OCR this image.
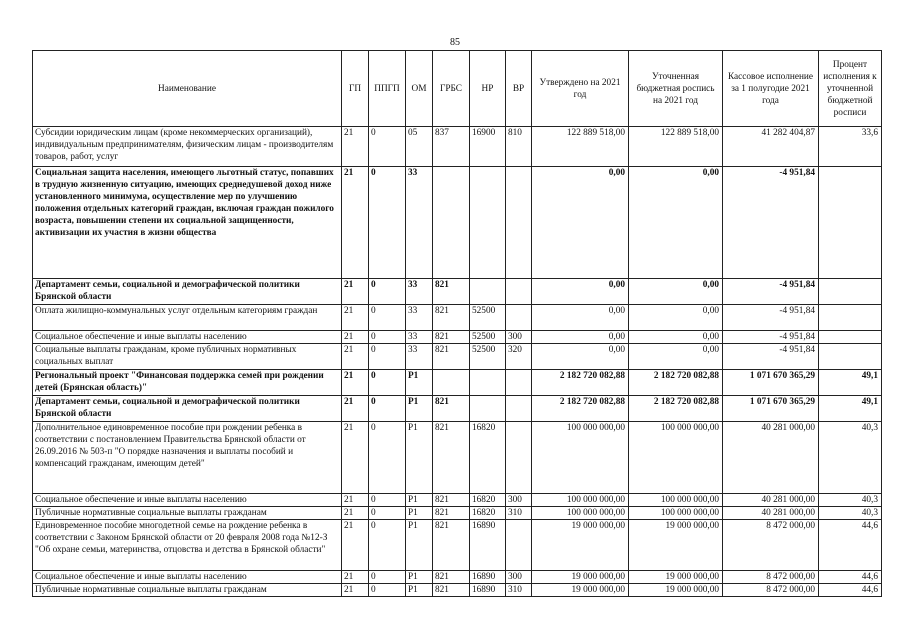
85
Наименование	ГП	ППГП	ОМ	ГРБС	НР	ВР	Утверждено на 2021 год	Уточненная бюджетная роспись на 2021 год	Кассовое исполнение за 1 полугодие 2021 года	Процент исполнения к уточненной бюджетной росписи
Субсидии юридическим лицам (кроме некоммерческих организаций), индивидуальным предпринимателям, физическим лицам - производителям товаров, работ, услуг	21	0	05	837	16900	810	122 889 518,00	122 889 518,00	41 282 404,87	33,6
Социальная защита населения, имеющего льготный статус, попавших в трудную жизненную ситуацию, имеющих среднедушевой доход ниже установленного минимума, осуществление мер по улучшению положения отдельных категорий граждан, включая граждан пожилого возраста, повышении степени их социальной защищенности, активизации их участия в жизни общества	21	0	33				0,00	0,00	-4 951,84	
Департамент семьи, социальной и демографической политики Брянской области	21	0	33	821			0,00	0,00	-4 951,84	
Оплата жилищно-коммунальных услуг отдельным категориям граждан	21	0	33	821	52500		0,00	0,00	-4 951,84	
Социальное обеспечение и иные выплаты населению	21	0	33	821	52500	300	0,00	0,00	-4 951,84	
Социальные выплаты гражданам, кроме публичных нормативных социальных выплат	21	0	33	821	52500	320	0,00	0,00	-4 951,84	
Региональный проект "Финансовая поддержка семей при рождении детей (Брянская область)"	21	0	P1				2 182 720 082,88	2 182 720 082,88	1 071 670 365,29	49,1
Департамент семьи, социальной и демографической политики Брянской области	21	0	P1	821			2 182 720 082,88	2 182 720 082,88	1 071 670 365,29	49,1
Дополнительное единовременное пособие при рождении ребенка в соответствии с постановлением Правительства Брянской области от 26.09.2016 № 503-п "О порядке назначения и выплаты пособий и компенсаций гражданам, имеющим детей"	21	0	P1	821	16820		100 000 000,00	100 000 000,00	40 281 000,00	40,3
Социальное обеспечение и иные выплаты населению	21	0	P1	821	16820	300	100 000 000,00	100 000 000,00	40 281 000,00	40,3
Публичные нормативные социальные выплаты гражданам	21	0	P1	821	16820	310	100 000 000,00	100 000 000,00	40 281 000,00	40,3
Единовременное пособие многодетной семье на рождение ребенка в соответствии с Законом Брянской области от 20 февраля 2008 года №12-З "Об охране семьи, материнства, отцовства и детства в Брянской области"	21	0	P1	821	16890		19 000 000,00	19 000 000,00	8 472 000,00	44,6
Социальное обеспечение и иные выплаты населению	21	0	P1	821	16890	300	19 000 000,00	19 000 000,00	8 472 000,00	44,6
Публичные нормативные социальные выплаты гражданам	21	0	P1	821	16890	310	19 000 000,00	19 000 000,00	8 472 000,00	44,6
